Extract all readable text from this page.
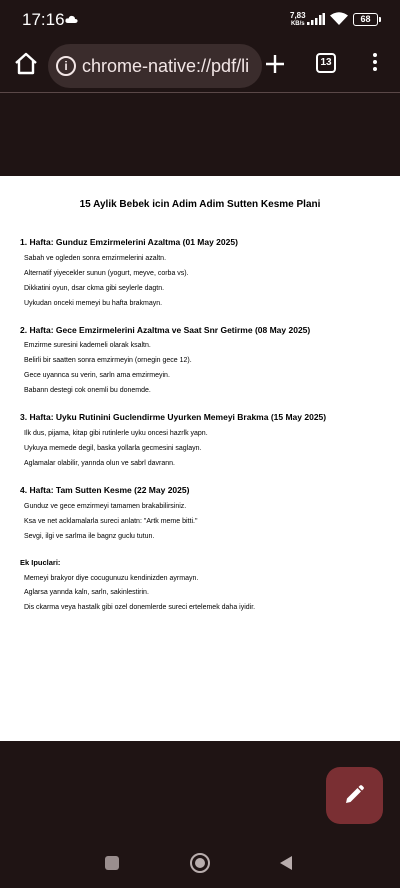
17:16	7,83
KB/s	68
i chrome-native://pdf/li	13
15 Aylik Bebek icin Adim Adim Sutten Kesme Plani
1. Hafta: Gunduz Emzirmelerini Azaltma (01 May 2025)
Sabah ve ogleden sonra emzirmelerini azaltn.
Alternatif yiyecekler sunun (yogurt, meyve, corba vs).
Dikkatini oyun, dsar ckma gibi seylerle dagtn.
Uykudan onceki memeyi bu hafta brakmayn.
2. Hafta: Gece Emzirmelerini Azaltma ve Saat Snr Getirme (08 May 2025)
Emzirme suresini kademeli olarak ksaltn.
Belirli bir saatten sonra emzirmeyin (ornegin gece 12).
Gece uyannca su verin, sarln ama emzirmeyin.
Babann destegi cok onemli bu donemde.
3. Hafta: Uyku Rutinini Guclendirme Uyurken Memeyi Brakma (15 May 2025)
Ilk dus, pijama, kitap gibi rutinlerle uyku oncesi hazrlk yapn.
Uykuya memede degil, baska yollarla gecmesini saglayn.
Aglamalar olabilir, yannda olun ve sabrl davrann.
4. Hafta: Tam Sutten Kesme (22 May 2025)
Gunduz ve gece emzirmeyi tamamen brakabilirsiniz.
Ksa ve net acklamalarla sureci anlatn: "Artk meme bitti."
Sevgi, ilgi ve sarlma ile bagnz guclu tutun.
Ek Ipuclari:
Memeyi brakyor diye cocugunuzu kendinizden ayrmayn.
Aglarsa yannda kaln, sarln, sakinlestirin.
Dis ckarma veya hastalk gibi ozel donemlerde sureci ertelemek daha iyidir.
